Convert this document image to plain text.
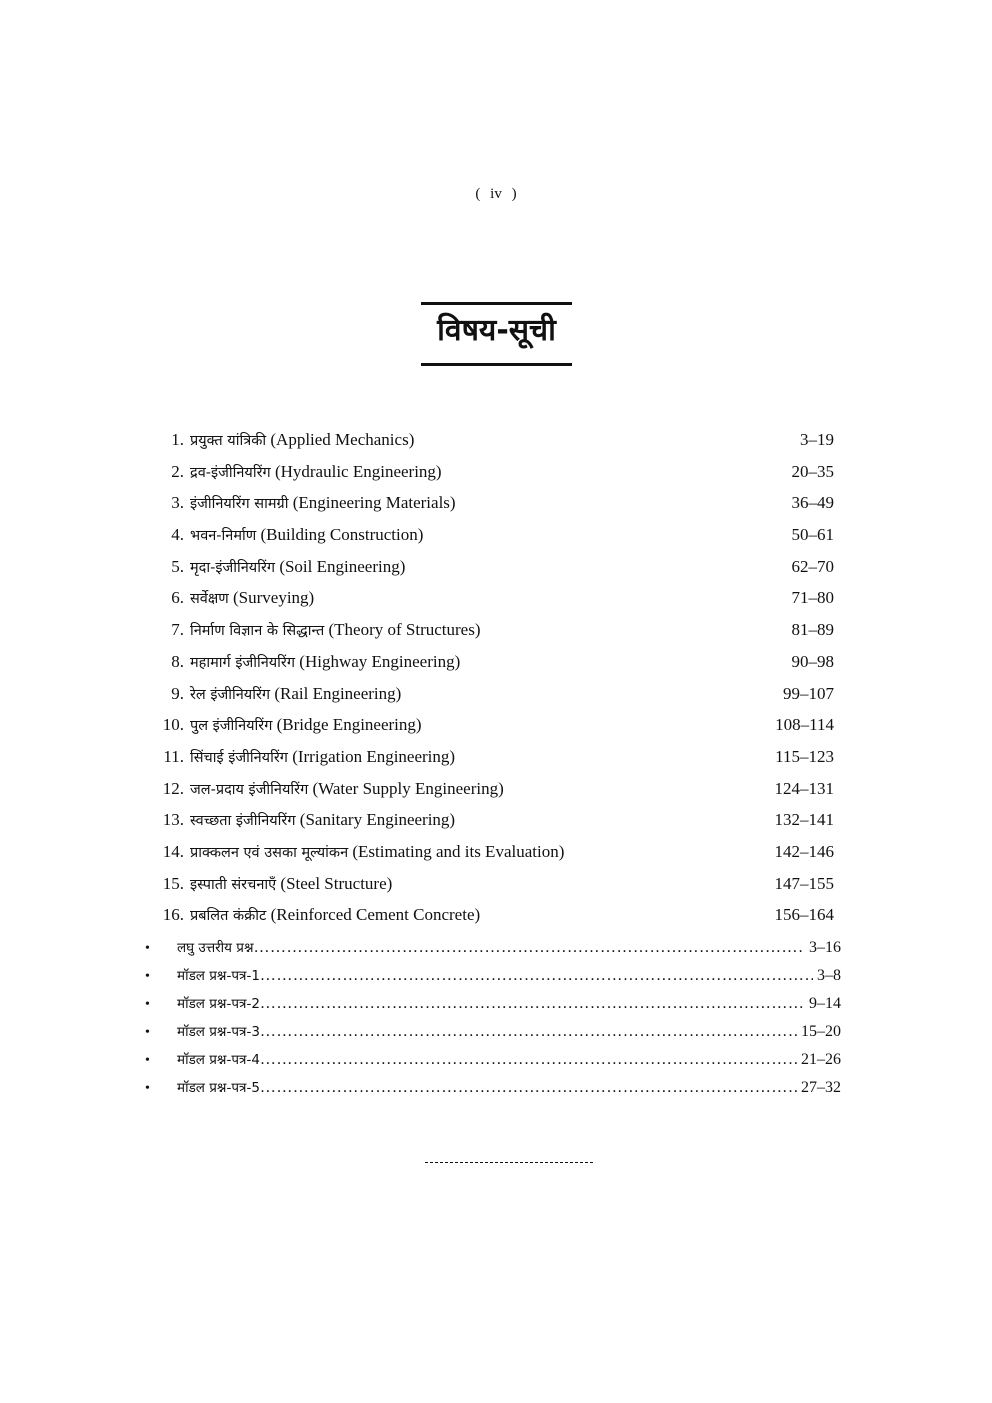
( iv )
विषय-सूची
1. प्रयुक्त यांत्रिकी (Applied Mechanics)	3–19
2. द्रव-इंजीनियरिंग (Hydraulic Engineering)	20–35
3. इंजीनियरिंग सामग्री (Engineering Materials)	36–49
4. भवन-निर्माण (Building Construction)	50–61
5. मृदा-इंजीनियरिंग (Soil Engineering)	62–70
6. सर्वेक्षण (Surveying)	71–80
7. निर्माण विज्ञान के सिद्धान्त (Theory of Structures)	81–89
8. महामार्ग इंजीनियरिंग (Highway Engineering)	90–98
9. रेल इंजीनियरिंग (Rail Engineering)	99–107
10. पुल इंजीनियरिंग (Bridge Engineering)	108–114
11. सिंचाई इंजीनियरिंग (Irrigation Engineering)	115–123
12. जल-प्रदाय इंजीनियरिंग (Water Supply Engineering)	124–131
13. स्वच्छता इंजीनियरिंग (Sanitary Engineering)	132–141
14. प्राक्कलन एवं उसका मूल्यांकन (Estimating and its Evaluation)	142–146
15. इस्पाती संरचनाएँ (Steel Structure)	147–155
16. प्रबलित कंक्रीट (Reinforced Cement Concrete)	156–164
•	लघु उत्तरीय प्रश्न …………………………………………………………………………………………………………………………………………………………………………………………	3–16
•	मॉडल प्रश्न-पत्र-1 …………………………………………………………………………………………………………………………………………………………………………………………	3–8
•	मॉडल प्रश्न-पत्र-2 …………………………………………………………………………………………………………………………………………………………………………………………	9–14
•	मॉडल प्रश्न-पत्र-3 …………………………………………………………………………………………………………………………………………………………………………………………	15–20
•	मॉडल प्रश्न-पत्र-4 …………………………………………………………………………………………………………………………………………………………………………………………	21–26
•	मॉडल प्रश्न-पत्र-5 …………………………………………………………………………………………………………………………………………………………………………………………	27–32
